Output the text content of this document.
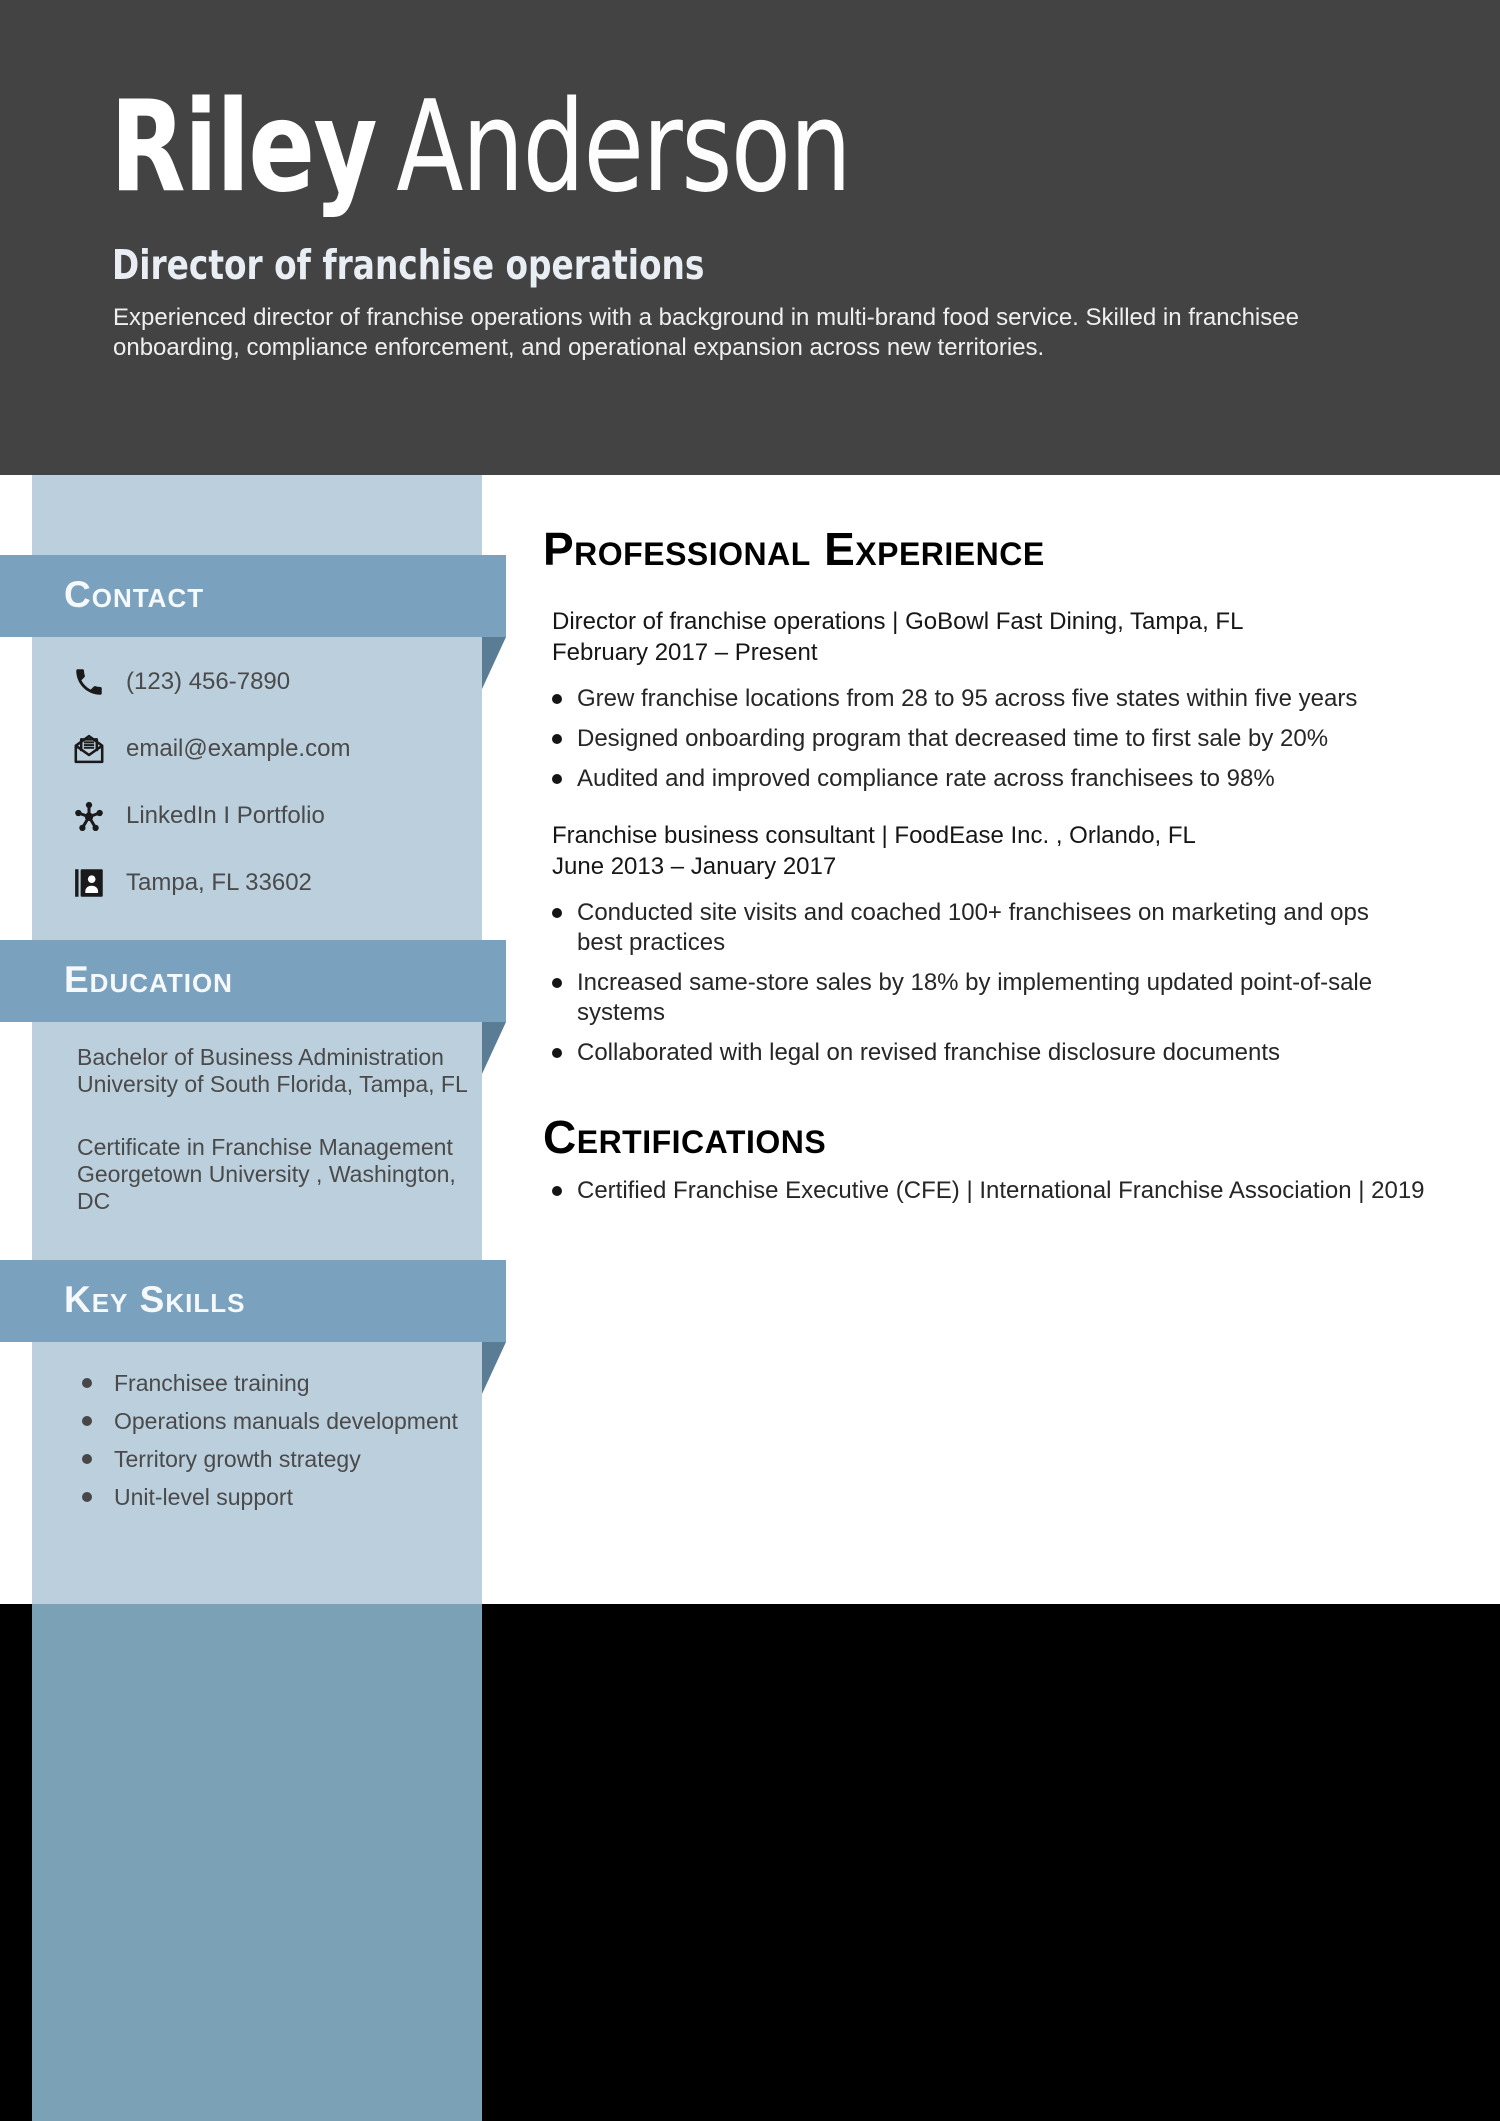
Riley Anderson
Director of franchise operations
Experienced director of franchise operations with a background in multi-brand food service. Skilled in franchisee onboarding, compliance enforcement, and operational expansion across new territories.
Contact
Education
Key Skills
(123) 456-7890
email@example.com
LinkedIn I Portfolio
Tampa, FL 33602
Bachelor of Business Administration
University of South Florida, Tampa, FL
Certificate in Franchise Management
Georgetown University , Washington,
DC
Franchisee training
Operations manuals development
Territory growth strategy
Unit-level support
Professional Experience
Director of franchise operations | GoBowl Fast Dining, Tampa, FL
February 2017 – Present
Grew franchise locations from 28 to 95 across five states within five years
Designed onboarding program that decreased time to first sale by 20%
Audited and improved compliance rate across franchisees to 98%
Franchise business consultant | FoodEase Inc. , Orlando, FL
June 2013 – January 2017
Conducted site visits and coached 100+ franchisees on marketing and ops best practices
Increased same-store sales by 18% by implementing updated point-of-sale systems
Collaborated with legal on revised franchise disclosure documents
Certifications
Certified Franchise Executive (CFE) | International Franchise Association | 2019
